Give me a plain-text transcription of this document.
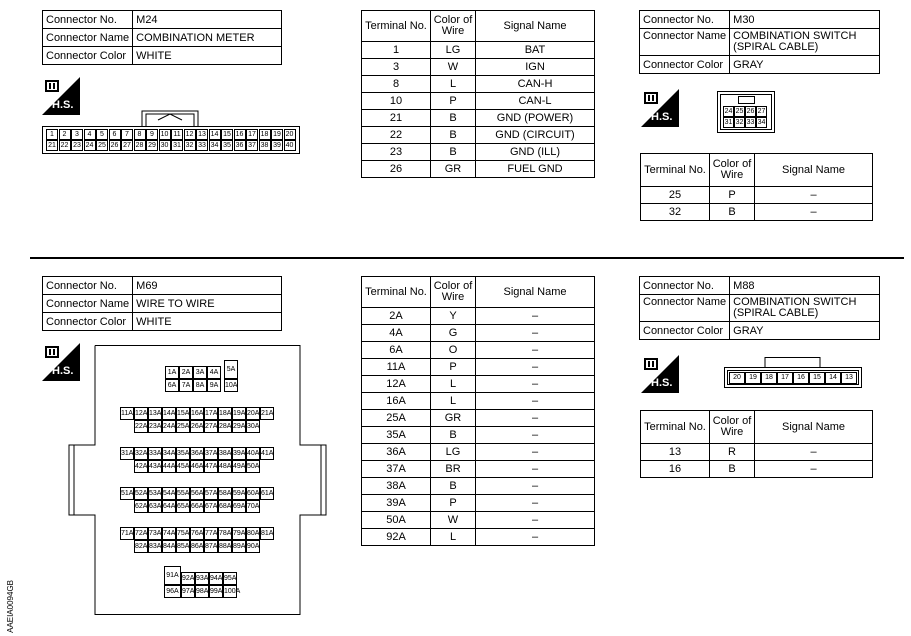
Connector No.	M24
Connector Name	COMBINATION METER
Connector Color	WHITE
H.S.
1	2	3	4	5	6	7	8	9 10 11 12 13 14 15 16 17 18 19 20
21 22 23 24 25 26 27 28 29 30 31 32 33 34 35 36 37 38 39 40
Terminal No.	Color of Wire	Signal Name
1	LG	BAT
3	W	IGN
8	L	CAN-H
10	P	CAN-L
21	B	GND (POWER)
22	B	GND (CIRCUIT)
23	B	GND (ILL)
26	GR	FUEL GND
Connector No.	M30
Connector Name	COMBINATION SWITCH (SPIRAL CABLE)
Connector Color	GRAY
H.S.	24 25 26 27
31 32 33 34
Terminal No.	Color of Wire	Signal Name
25	P	–
32	B	–
Connector No.	M69
Connector Name	WIRE TO WIRE
Connector Color	WHITE
H.S.	1A 2A 3A 4A
6A 7A 8A 9A
11A 12A 13A 14A 15A 16A 17A 18A 19A 20A 21A
22A 23A 24A 25A 26A 27A 28A 29A 30A
31A 32A 33A 34A 35A 36A 37A 38A 39A 40A 41A
42A 43A 44A 45A 46A 47A 48A 49A 50A
51A 52A 53A 54A 55A 56A 57A 58A 59A 60A 61A
62A 63A 64A 65A 66A 67A 68A 69A 70A
71A 72A 73A 74A 75A 76A 77A 78A 79A 80A 81A
82A 83A 84A 85A 86A 87A 88A 89A 90A
92A 93A 94A 95A
97A 98A 99A 100A
5A
10A
91A
96A
Terminal No.	Color of Wire	Signal Name
2A	Y	–
4A	G	–
6A	O	–
11A	P	–
12A	L	–
16A	L	–
25A	GR	–
35A	B	–
36A	LG	–
37A	BR	–
38A	B	–
39A	P	–
50A	W	–
92A	L	–
Connector No.	M88
Connector Name	COMBINATION SWITCH (SPIRAL CABLE)
Connector Color	GRAY
H.S.	20	19	18	17	16	15	14	13
Terminal No.	Color of Wire	Signal Name
13	R	–
16	B	–
AAEIA0094GB
